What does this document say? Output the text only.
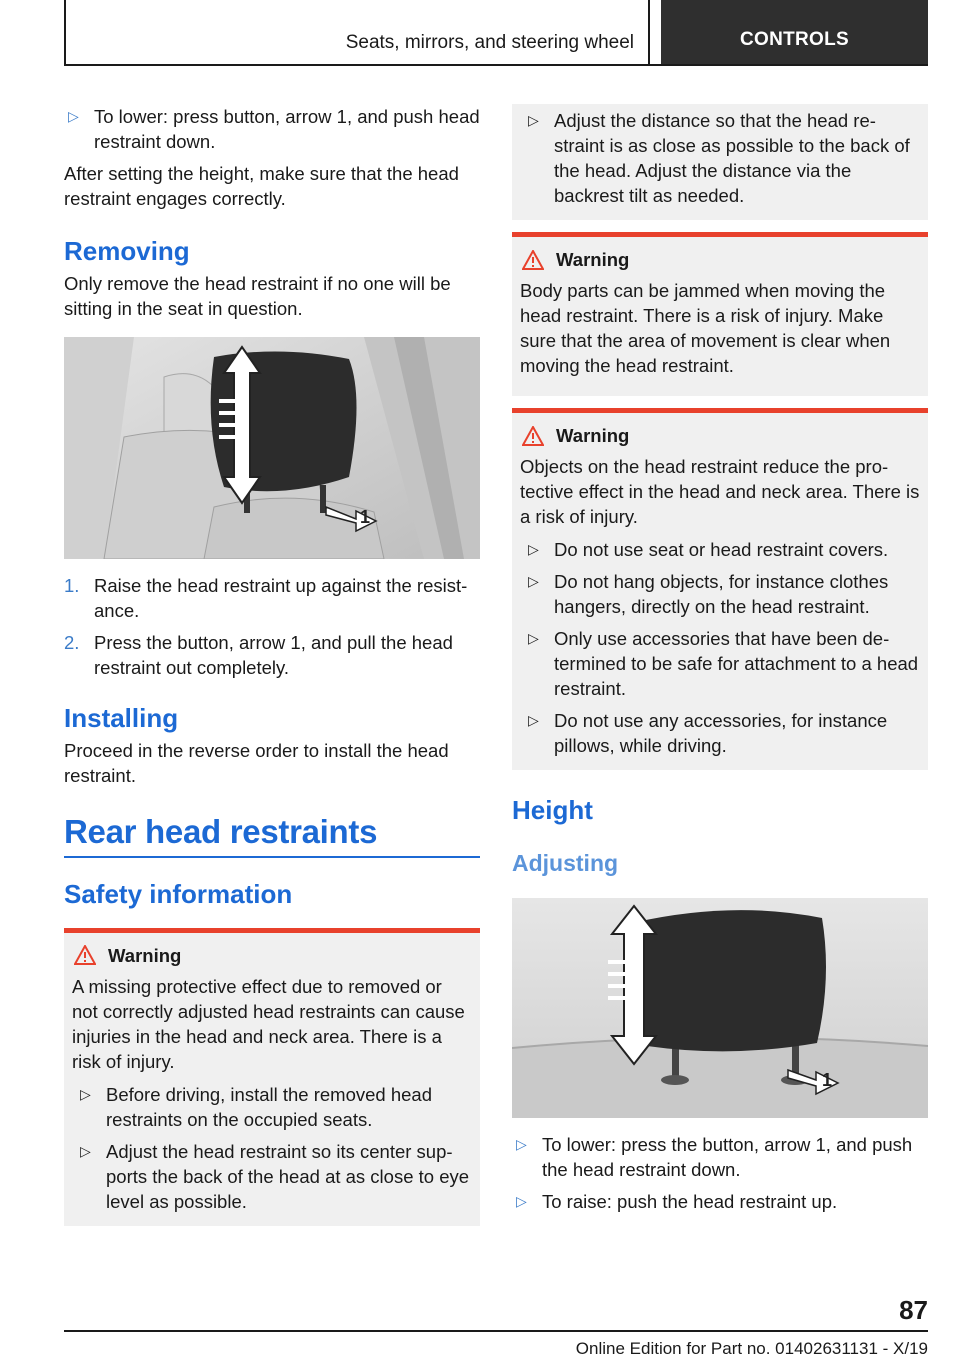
Seats, mirrors, and steering wheel	CONTROLS
▷ To lower: press button, arrow 1, and push head restraint down.

After setting the height, make sure that the head restraint engages correctly.

Removing

Only remove the head restraint if no one will be sitting in the seat in question.

1
1. Raise the head restraint up against the resistance.
2. Press the button, arrow 1, and pull the head restraint out completely.
Installing

Proceed in the reverse order to install the head restraint.

Rear head restraints
Safety information
Warning

A missing protective effect due to removed or not correctly adjusted head restraints can cause injuries in the head and neck area. There is a risk of injury.

▷ Before driving, install the removed head restraints on the occupied seats.
▷ Adjust the head restraint so its center supports the back of the head at as close to eye level as possible.
▷ Adjust the distance so that the head restraint is as close as possible to the back of the head. Adjust the distance via the backrest tilt as needed.
Warning

Body parts can be jammed when moving the head restraint. There is a risk of injury. Make sure that the area of movement is clear when moving the head restraint.

Warning

Objects on the head restraint reduce the protective effect in the head and neck area. There is a risk of injury.

▷ Do not use seat or head restraint covers.
▷ Do not hang objects, for instance clothes hangers, directly on the head restraint.
▷ Only use accessories that have been determined to be safe for attachment to a head restraint.
▷ Do not use any accessories, for instance pillows, while driving.
Height
Adjusting
1
▷ To lower: press the button, arrow 1, and push the head restraint down.
▷ To raise: push the head restraint up.
87
Online Edition for Part no. 01402631131 - X/19
